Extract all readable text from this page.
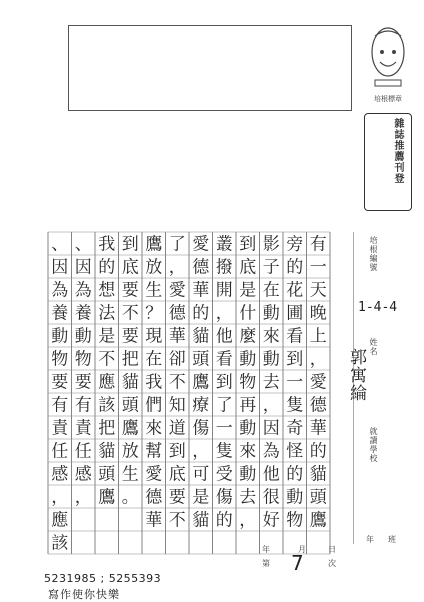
培根標章
雜誌推薦刊登
有
一
天
晚
上
，
愛
德
華
的
貓
頭
鷹
旁
的
花
圃
看
到
一
隻
奇
怪
的
動
物
影
子
在
動
來
動
去
，
因
為
他
很
好
到
底
是
什
麼
動
物
再
動
來
動
去
，
叢
撥
開
，
他
看
到
了
一
隻
受
傷
的
愛
德
華
的
貓
頭
鷹
療
傷
，
可
是
貓
了
，
愛
德
華
卻
不
知
道
到
底
要
不
鷹
放
生
？
現
在
我
們
來
幫
愛
德
華
到
底
要
不
要
把
貓
頭
鷹
放
生
。
我
的
想
法
是
不
應
該
把
貓
頭
鷹
、
因
為
養
動
物
要
有
責
任
感
，
、
因
為
養
動
物
要
有
責
任
感
，
應
該
培根編號
1-4-4
姓名
郭寓綸
就讀學校
年 班
年	月	日
第 7	次
5231985 ; 5255393
寫作使你快樂
